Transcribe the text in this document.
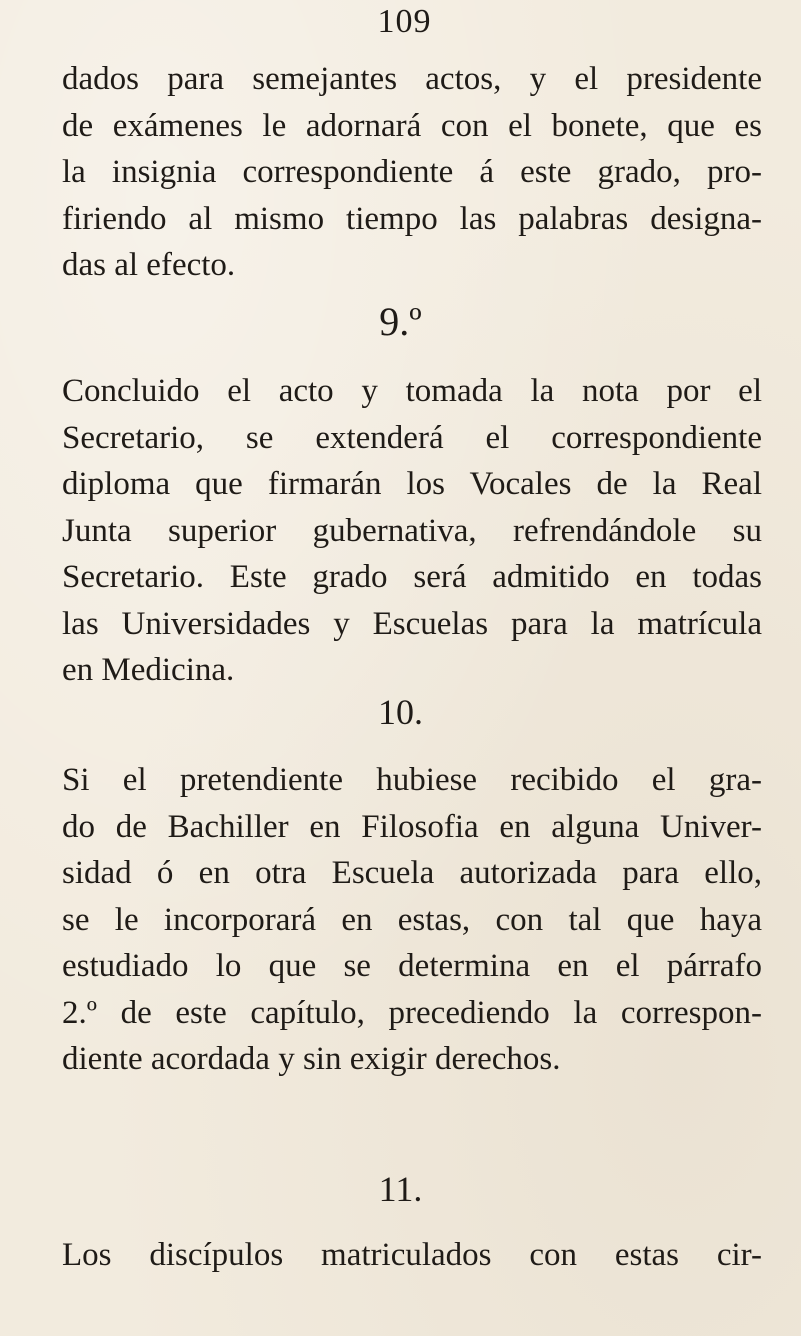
109
dados para semejantes actos, y el presidente
de exámenes le adornará con el bonete, que es
la insignia correspondiente á este grado, pro-
firiendo al mismo tiempo las palabras designa-
das al efecto.
9.º
Concluido el acto y tomada la nota por el
Secretario, se extenderá el correspondiente
diploma que firmarán los Vocales de la Real
Junta superior gubernativa, refrendándole su
Secretario. Este grado será admitido en todas
las Universidades y Escuelas para la matrícula
en Medicina.
10.
Si el pretendiente hubiese recibido el gra-
do de Bachiller en Filosofia en alguna Univer-
sidad ó en otra Escuela autorizada para ello,
se le incorporará en estas, con tal que haya
estudiado lo que se determina en el párrafo
2.º de este capítulo, precediendo la correspon-
diente acordada y sin exigir derechos.
11.
Los discípulos matriculados con estas cir-
